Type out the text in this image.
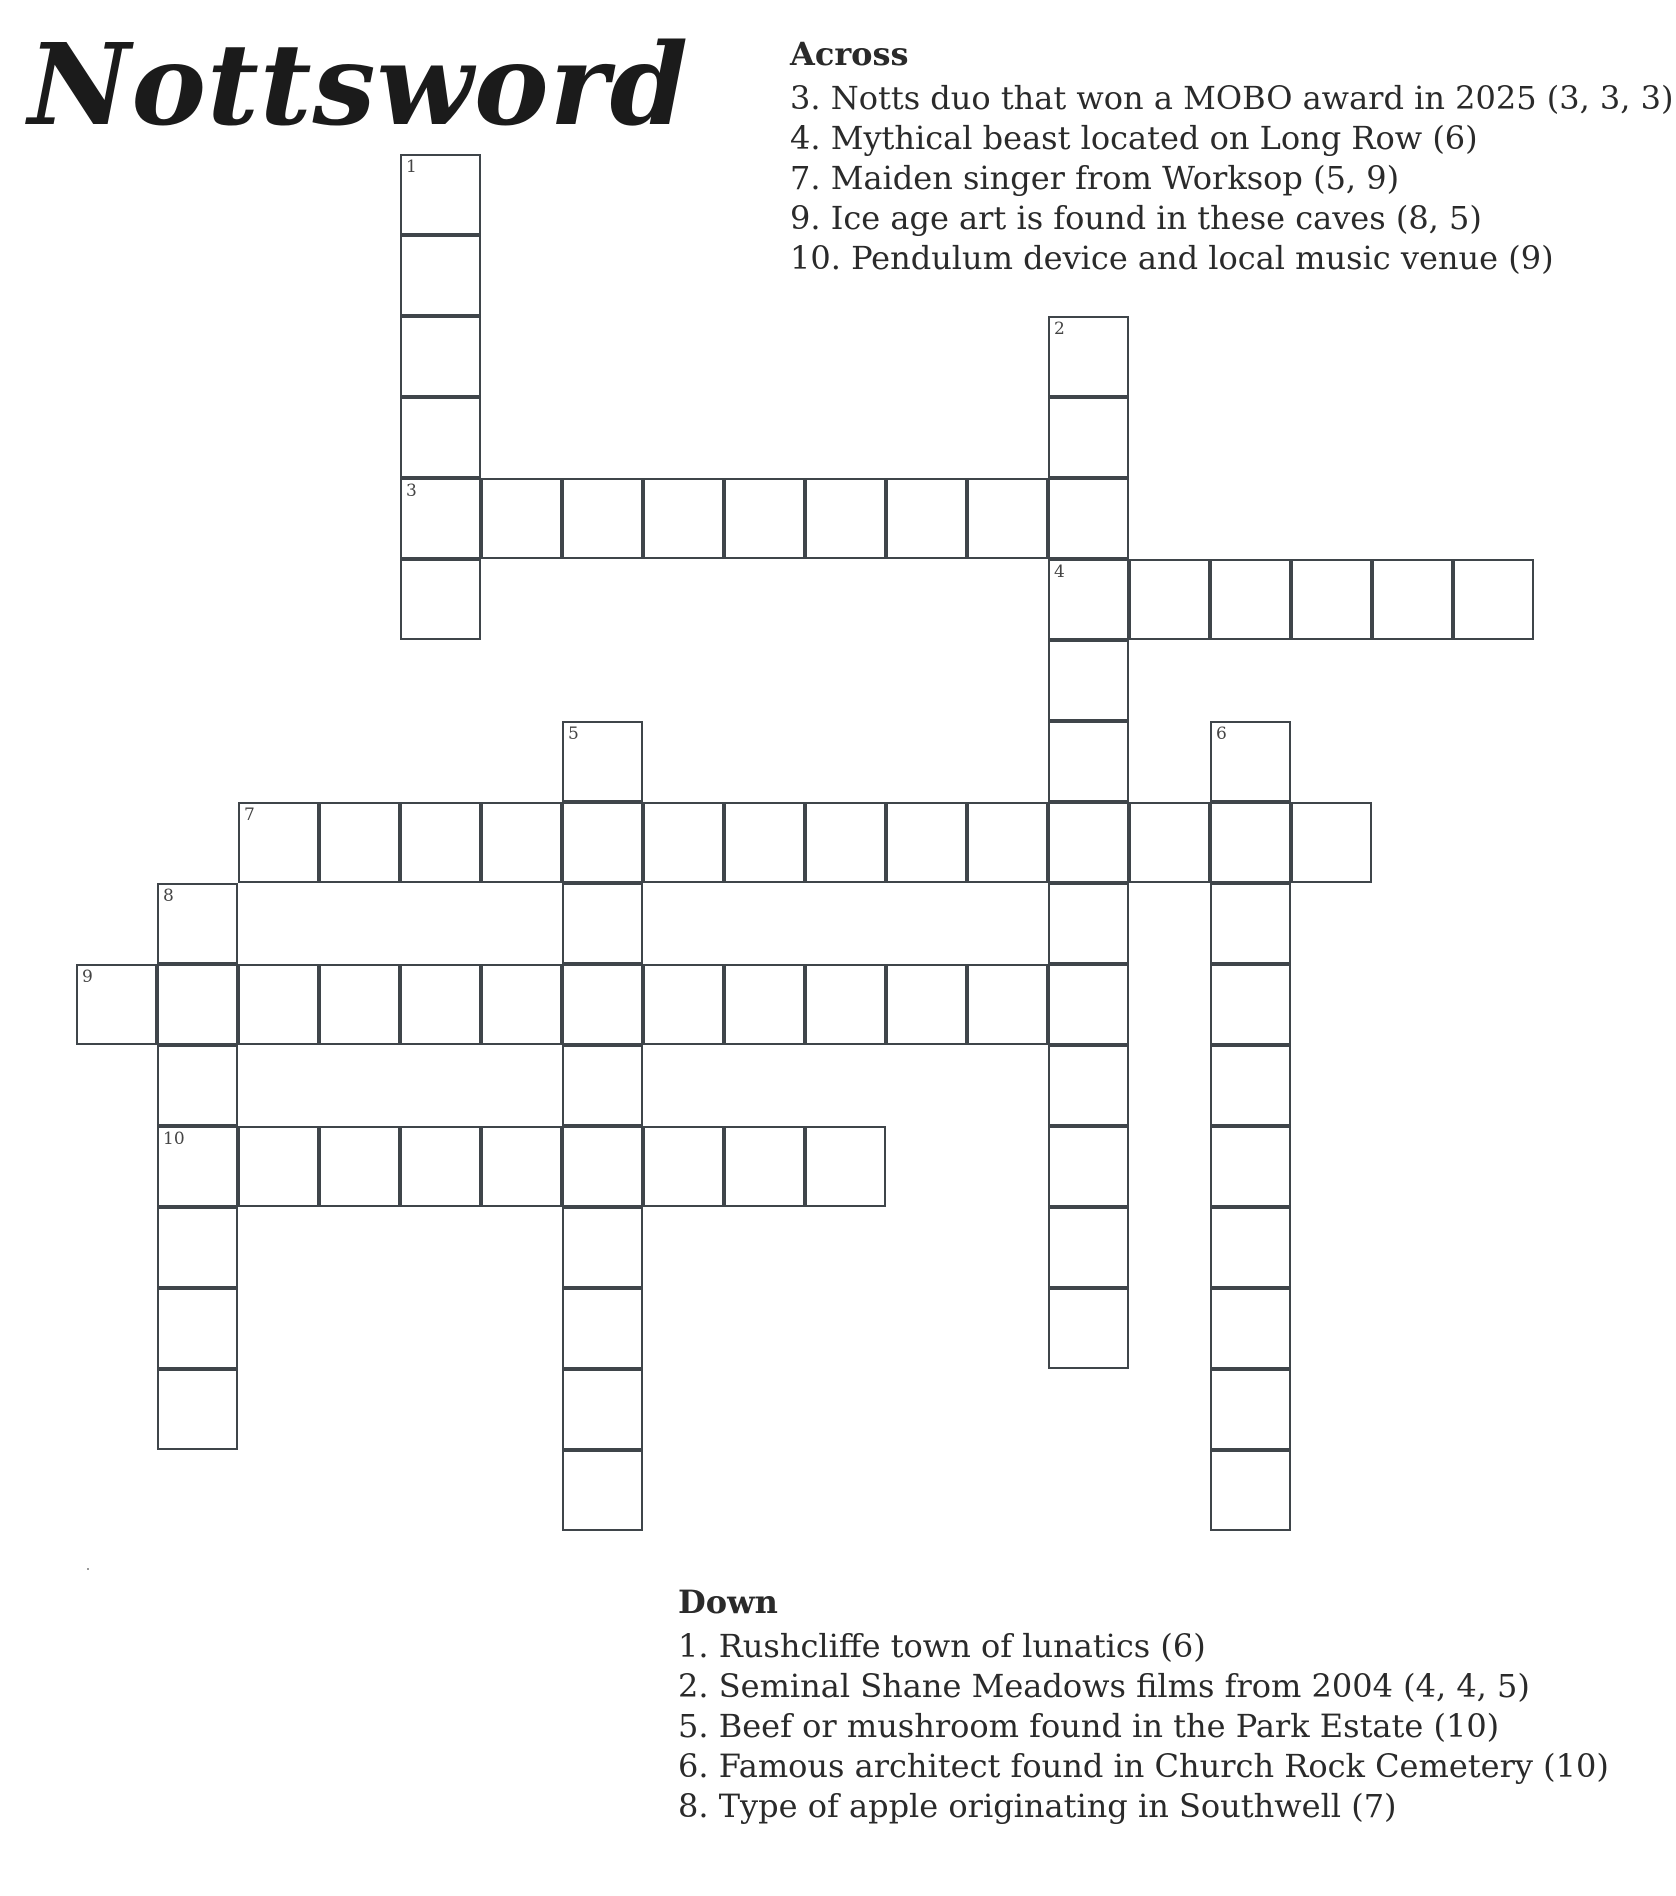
Nottsword	Across
3. Notts duo that won a MOBO award in 2025 (3, 3, 3)
4. Mythical beast located on Long Row (6)
7. Maiden singer from Worksop (5, 9)
9. Ice age art is found in these caves (8, 5)
10. Pendulum device and local music venue (9)
1
2
3
4
5	6
7
8
9
10
Down
1. Rushcliffe town of lunatics (6)
2. Seminal Shane Meadows films from 2004 (4, 4, 5)
5. Beef or mushroom found in the Park Estate (10)
6. Famous architect found in Church Rock Cemetery (10)
8. Type of apple originating in Southwell (7)
